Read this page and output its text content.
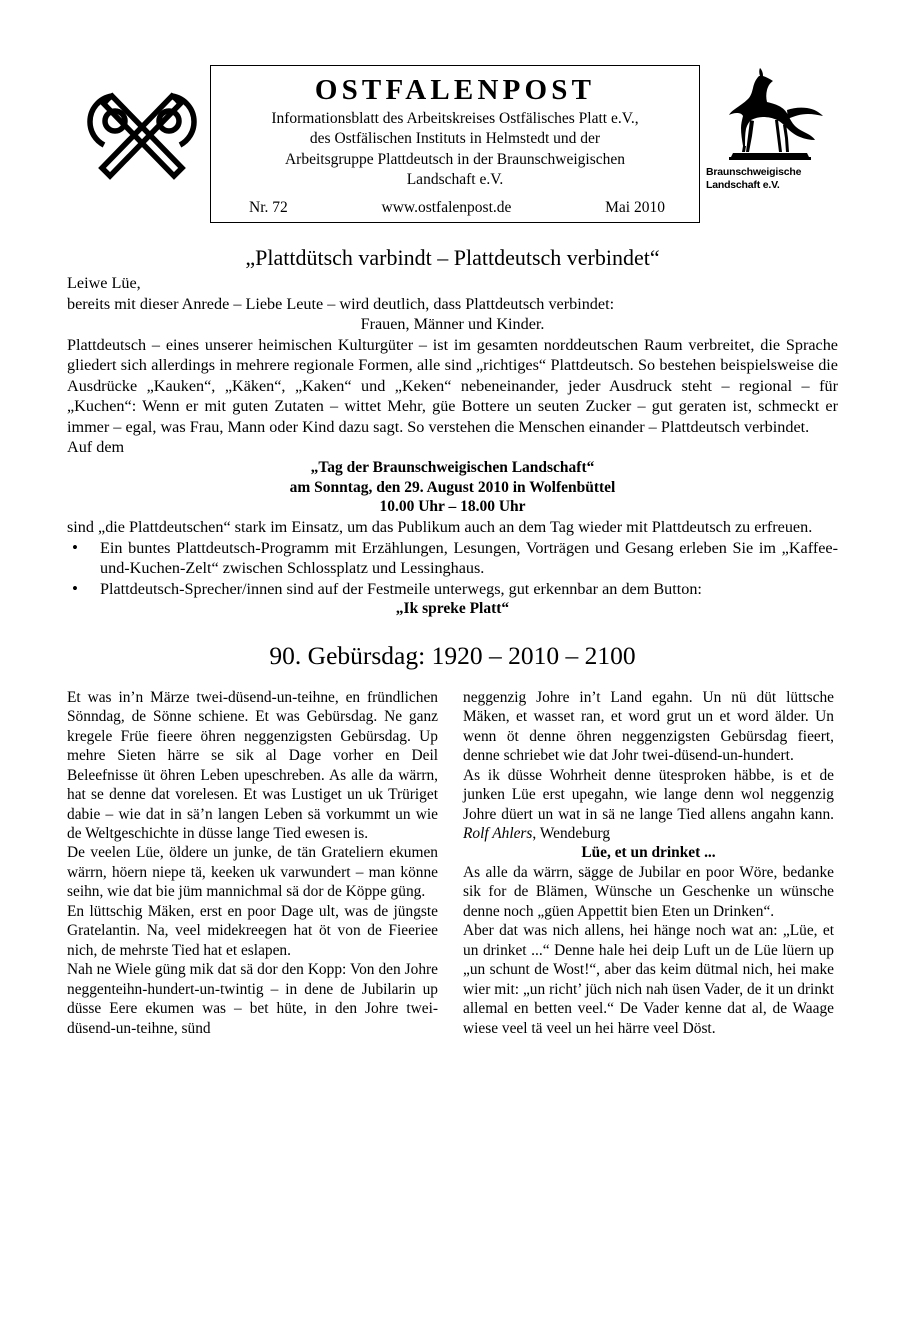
OSTFALENPOST
Informationsblatt des Arbeitskreises Ostfälisches Platt e.V.,
des Ostfälischen Instituts in Helmstedt und der
Arbeitsgruppe Plattdeutsch in der Braunschweigischen
Landschaft e.V.
Nr. 72	www.ostfalenpost.de	Mai 2010
Braunschweigische
Landschaft e.V.
„Plattdütsch varbindt – Plattdeutsch verbindet“

Leiwe Lüe,

bereits mit dieser Anrede – Liebe Leute – wird deutlich, dass Plattdeutsch verbindet:

Frauen, Männer und Kinder.

Plattdeutsch – eines unserer heimischen Kulturgüter – ist im gesamten norddeutschen Raum verbreitet, die Sprache gliedert sich allerdings in mehrere regionale Formen, alle sind „richtiges“ Plattdeutsch. So bestehen beispielsweise die Ausdrücke „Kauken“, „Käken“, „Kaken“ und „Keken“ nebeneinander, jeder Ausdruck steht – regional – für „Kuchen“: Wenn er mit guten Zutaten – wittet Mehr, güe Bottere un seuten Zucker – gut geraten ist, schmeckt er immer – egal, was Frau, Mann oder Kind dazu sagt. So verstehen die Menschen einander – Plattdeutsch verbindet.

Auf dem

„Tag der Braunschweigischen Landschaft“

am Sonntag, den 29. August 2010 in Wolfenbüttel

10.00 Uhr – 18.00 Uhr

sind „die Plattdeutschen“ stark im Einsatz, um das Publikum auch an dem Tag wieder mit Plattdeutsch zu erfreuen.

• Ein buntes Plattdeutsch-Programm mit Erzählungen, Lesungen, Vorträgen und Gesang erleben Sie im „Kaffee-und-Kuchen-Zelt“ zwischen Schlossplatz und Lessinghaus.
• Plattdeutsch-Sprecher/innen sind auf der Festmeile unterwegs, gut erkennbar an dem Button:

„Ik spreke Platt“

90. Gebürsdag: 1920 – 2010 – 2100

Et was in’n Märze twei-düsend-un-teihne, en fründlichen Sönndag, de Sönne schiene. Et was Gebürsdag. Ne ganz kregele Früe fieere öhren neggenzigsten Gebürsdag. Up mehre Sieten härre se sik al Dage vorher en Deil Beleefnisse üt öhren Leben upeschreben. As alle da wärrn, hat se denne dat vorelesen. Et was Lustiget un uk Trüriget dabie – wie dat in sä’n langen Leben sä vorkummt un wie de Weltgeschichte in düsse lange Tied ewesen is.

De veelen Lüe, öldere un junke, de tän Grateliern ekumen wärrn, höern niepe tä, keeken uk varwundert – man könne seihn, wie dat bie jüm mannichmal sä dor de Köppe güng.

En lüttschig Mäken, erst en poor Dage ult, was de jüngste Gratelantin. Na, veel midekreegen hat öt von de Fieeriee nich, de mehrste Tied hat et eslapen.

Nah ne Wiele güng mik dat sä dor den Kopp: Von den Johre neggenteihn-hundert-un-twintig – in dene de Jubilarin up düsse Eere ekumen was – bet hüte, in den Johre twei-düsend-un-teihne, sünd

neggenzig Johre in’t Land egahn. Un nü düt lüttsche Mäken, et wasset ran, et word grut un et word älder. Un wenn öt denne öhren neggenzigsten Gebürsdag fieert, denne schriebet wie dat Johr twei-düsend-un-hundert.

As ik düsse Wohrheit denne ütesproken häbbe, is et de junken Lüe erst upegahn, wie lange denn wol neggenzig Johre düert un wat in sä ne lange Tied allens angahn kann. Rolf Ahlers, Wendeburg

Lüe, et un drinket ...

As alle da wärrn, sägge de Jubilar en poor Wöre, bedanke sik for de Blämen, Wünsche un Geschenke un wünsche denne noch „güen Appettit bien Eten un Drinken“.

Aber dat was nich allens, hei hänge noch wat an: „Lüe, et un drinket ...“ Denne hale hei deip Luft un de Lüe lüern up „un schunt de Wost!“, aber das keim dütmal nich, hei make wier mit: „un richt’ jüch nich nah üsen Vader, de it un drinkt allemal en betten veel.“ De Vader kenne dat al, de Waage wiese veel tä veel un hei härre veel Döst.
